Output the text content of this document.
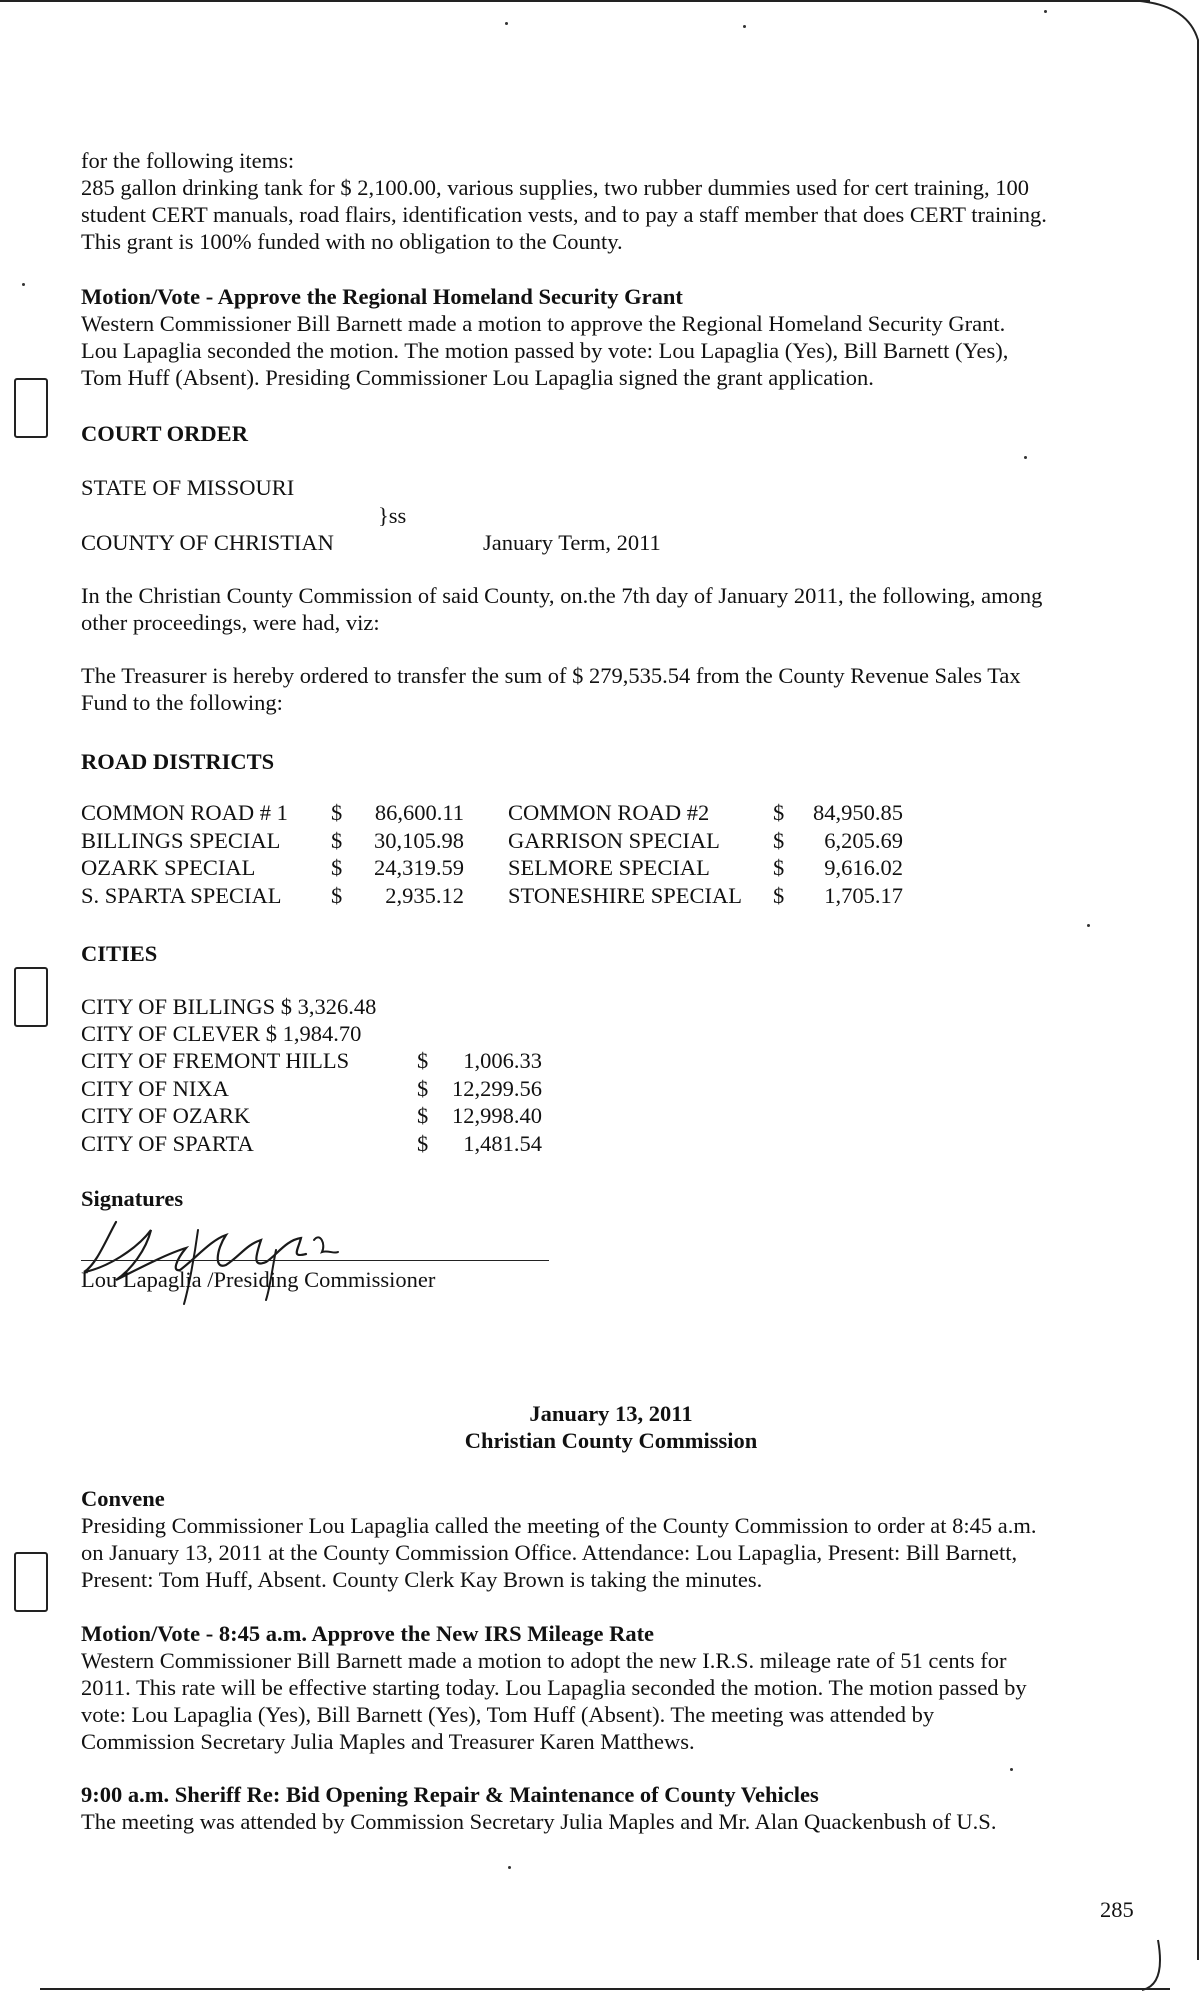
for the following items:

285 gallon drinking tank for $ 2,100.00, various supplies, two rubber dummies used for cert training, 100

student CERT manuals, road flairs, identification vests, and to pay a staff member that does CERT training.

This grant is 100% funded with no obligation to the County.

Motion/Vote - Approve the Regional Homeland Security Grant

Western Commissioner Bill Barnett made a motion to approve the Regional Homeland Security Grant.

Lou Lapaglia seconded the motion. The motion passed by vote: Lou Lapaglia (Yes), Bill Barnett (Yes),

Tom Huff (Absent). Presiding Commissioner Lou Lapaglia signed the grant application.

COURT ORDER

STATE OF MISSOURI
}ss
COUNTY OF CHRISTIAN	January Term, 2011

In the Christian County Commission of said County, on.the 7th day of January 2011, the following, among

other proceedings, were had, viz:

The Treasurer is hereby ordered to transfer the sum of $ 279,535.54 from the County Revenue Sales Tax

Fund to the following:

ROAD DISTRICTS

COMMON ROAD # 1	$	86,600.11	COMMON ROAD #2	$	84,950.85
BILLINGS SPECIAL	$	30,105.98	GARRISON SPECIAL	$	6,205.69
OZARK SPECIAL	$	24,319.59	SELMORE SPECIAL	$	9,616.02
S. SPARTA SPECIAL	$	2,935.12	STONESHIRE SPECIAL	$	1,705.17

CITIES

CITY OF BILLINGS $ 3,326.48

CITY OF CLEVER $ 1,984.70

CITY OF FREMONT HILLS	$	1,006.33
CITY OF NIXA	$	12,299.56
CITY OF OZARK	$	12,998.40
CITY OF SPARTA	$	1,481.54

Signatures

Lou Lapaglia /Presiding Commissioner

January 13, 2011

Christian County Commission

Convene

Presiding Commissioner Lou Lapaglia called the meeting of the County Commission to order at 8:45 a.m.

on January 13, 2011 at the County Commission Office. Attendance: Lou Lapaglia, Present: Bill Barnett,

Present: Tom Huff, Absent. County Clerk Kay Brown is taking the minutes.

Motion/Vote - 8:45 a.m. Approve the New IRS Mileage Rate

Western Commissioner Bill Barnett made a motion to adopt the new I.R.S. mileage rate of 51 cents for

2011. This rate will be effective starting today. Lou Lapaglia seconded the motion. The motion passed by

vote: Lou Lapaglia (Yes), Bill Barnett (Yes), Tom Huff (Absent). The meeting was attended by

Commission Secretary Julia Maples and Treasurer Karen Matthews.

9:00 a.m. Sheriff Re: Bid Opening Repair & Maintenance of County Vehicles

The meeting was attended by Commission Secretary Julia Maples and Mr. Alan Quackenbush of U.S.

285
